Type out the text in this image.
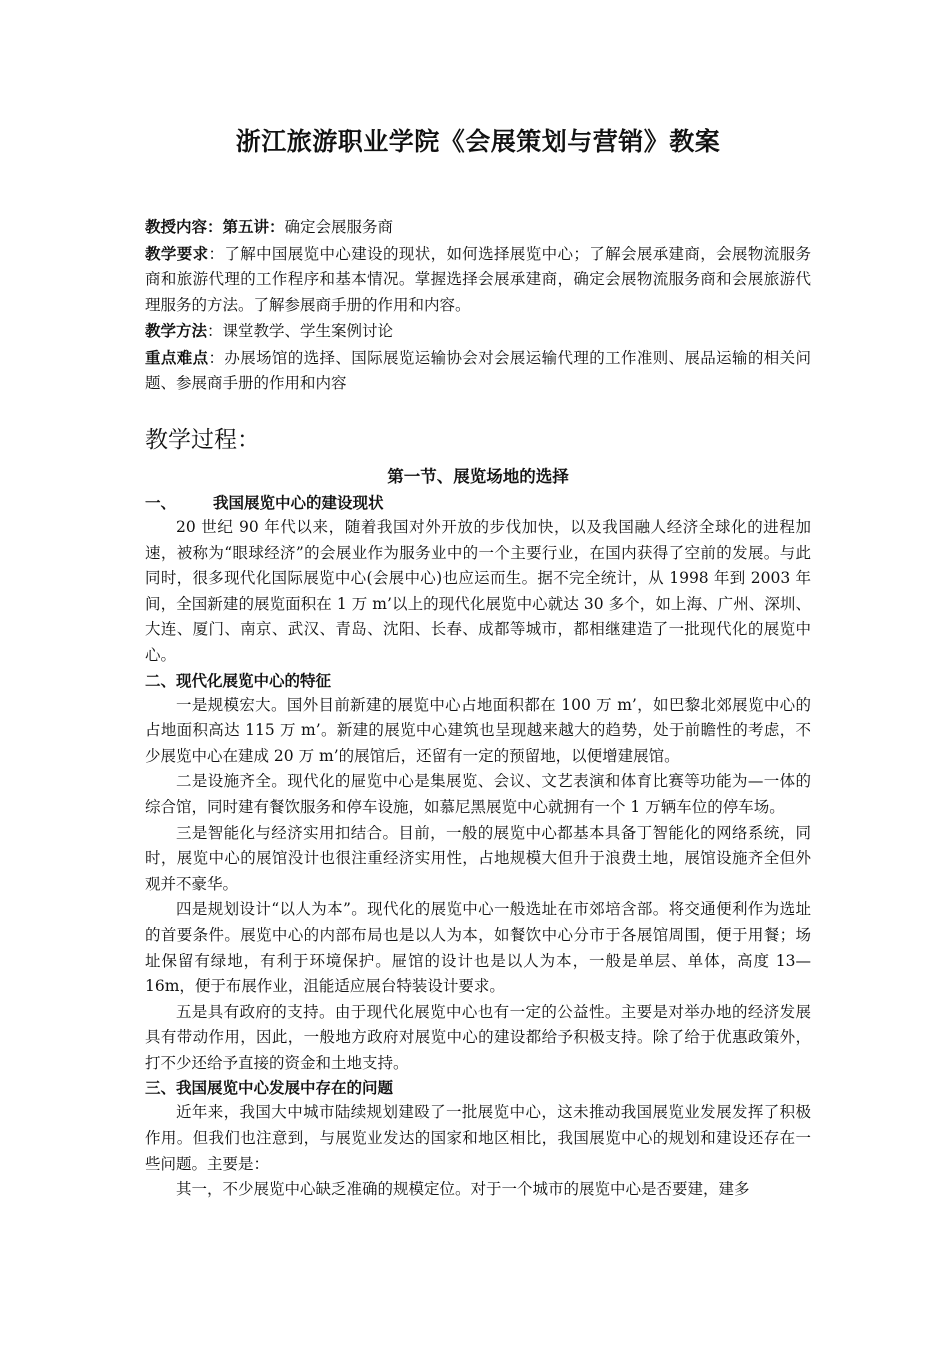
浙江旅游职业学院《会展策划与营销》教案

教授内容：第五讲：确定会展服务商

教学要求：了解中国展览中心建设的现状，如何选择展览中心；了解会展承建商，会展物流服务商和旅游代理的工作程序和基本情况。掌握选择会展承建商，确定会展物流服务商和会展旅游代理服务的方法。了解参展商手册的作用和内容。

教学方法：课堂教学、学生案例讨论

重点难点：办展场馆的选择、国际展览运输协会对会展运输代理的工作准则、展品运输的相关问题、参展商手册的作用和内容

教学过程：

第一节、展览场地的选择

一、	我国展览中心的建设现状

20 世纪 90 年代以来，随着我国对外开放的步伐加快，以及我国融人经济全球化的进程加速，被称为“眼球经济”的会展业作为服务业中的一个主要行业，在国内获得了空前的发展。与此同时，很多现代化国际展览中心(会展中心)也应运而生。据不完全统计，从 1998 年到 2003 年间，全国新建的展览面积在 1 万 m’以上的现代化展览中心就达 30 多个，如上海、广州、深圳、大连、厦门、南京、武汉、青岛、沈阳、长春、成都等城市，都相继建造了一批现代化的展览中心。

二、现代化展览中心的特征

一是规模宏大。国外目前新建的展览中心占地面积都在 100 万 m’，如巴黎北郊展览中心的占地面积高达 115 万 m’。新建的展览中心建筑也呈现越来越大的趋势，处于前瞻性的考虑，不少展览中心在建成 20 万 m’的展馆后，还留有一定的预留地，以便增建展馆。

二是设施齐全。现代化的屉览中心是集展览、会议、文艺表演和体育比赛等功能为—一体的综合馆，同时建有餐饮服务和停车设施，如慕尼黑展览中心就拥有一个 1 万辆车位的停车场。

三是智能化与经济实用扣结合。目前，一般的展览中心都基本具备丁智能化的网络系统，同时，展览中心的展馆没计也很注重经济实用性，占地规模大但升于浪费土地，展馆设施齐全但外观并不豪华。

四是规划设计“以人为本”。现代化的展览中心一般选址在市郊培含部。将交通便利作为选址的首要条件。展览中心的内部布局也是以人为本，如餐饮中心分市于各展馆周围，便于用餐；场址保留有绿地，有利于环境保护。屉馆的设计也是以人为本，一般是单层、单体，高度 13—16m，便于布展作业，沮能适应展台特装设计要求。

五是具有政府的支持。由于现代化展览中心也有一定的公益性。主要是对举办地的经济发展具有带动作用，因此，一般地方政府对展览中心的建设都给予积极支持。除了给于优惠政策外，打不少还给予直接的资金和土地支持。

三、我国展览中心发展中存在的问题

近年来，我国大中城市陆续规划建殴了一批展览中心，这未推动我国展览业发展发挥了积极作用。但我们也注意到，与展览业发达的国家和地区相比，我国展览中心的规划和建设还存在一些问题。主要是：

其一，不少展览中心缺乏准确的规模定位。对于一个城市的展览中心是否要建，建多
